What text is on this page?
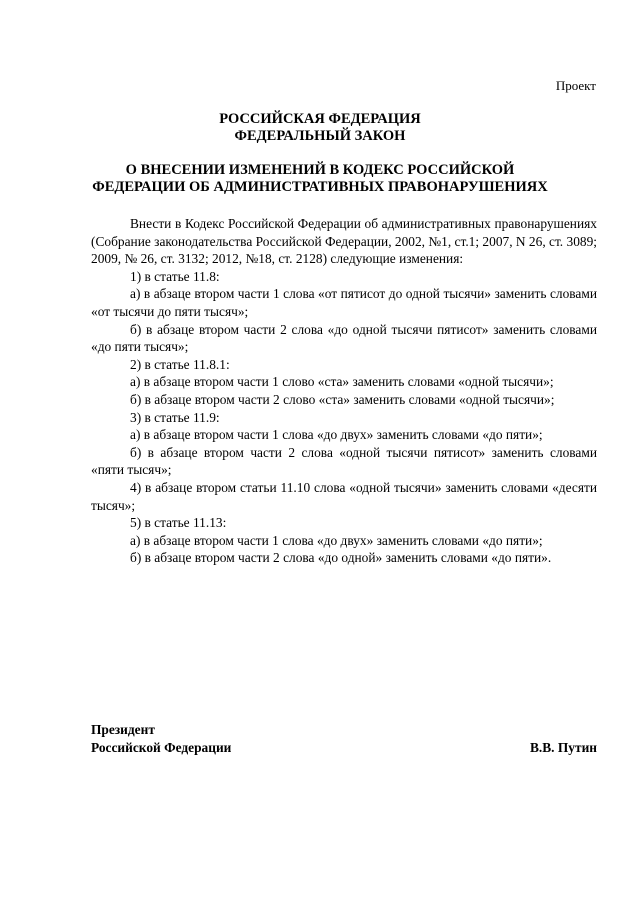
Проект
РОССИЙСКАЯ ФЕДЕРАЦИЯ
ФЕДЕРАЛЬНЫЙ ЗАКОН
О ВНЕСЕНИИ ИЗМЕНЕНИЙ В КОДЕКС РОССИЙСКОЙ
ФЕДЕРАЦИИ ОБ АДМИНИСТРАТИВНЫХ ПРАВОНАРУШЕНИЯХ

Внести в Кодекс Российской Федерации об административных правонарушениях (Собрание законодательства Российской Федерации, 2002, №1, ст.1; 2007, N 26, ст. 3089; 2009, № 26, ст. 3132; 2012, №18, ст. 2128) следующие изменения:

1) в статье 11.8:

а) в абзаце втором части 1 слова «от пятисот до одной тысячи» заменить словами «от тысячи до пяти тысяч»;

б) в абзаце втором части 2 слова «до одной тысячи пятисот» заменить словами «до пяти тысяч»;

2) в статье 11.8.1:

а) в абзаце втором части 1 слово «ста» заменить словами «одной тысячи»;

б) в абзаце втором части 2 слово «ста» заменить словами «одной тысячи»;

3) в статье 11.9:

а) в абзаце втором части 1 слова «до двух» заменить словами «до пяти»;

б) в абзаце втором части 2 слова «одной тысячи пятисот» заменить словами «пяти тысяч»;

4) в абзаце втором статьи 11.10 слова «одной тысячи» заменить словами «десяти тысяч»;

5) в статье 11.13:

а) в абзаце втором части 1 слова «до двух» заменить словами «до пяти»;

б) в абзаце втором части 2 слова «до одной» заменить словами «до пяти».

Президент
Российской Федерации	В.В. Путин
